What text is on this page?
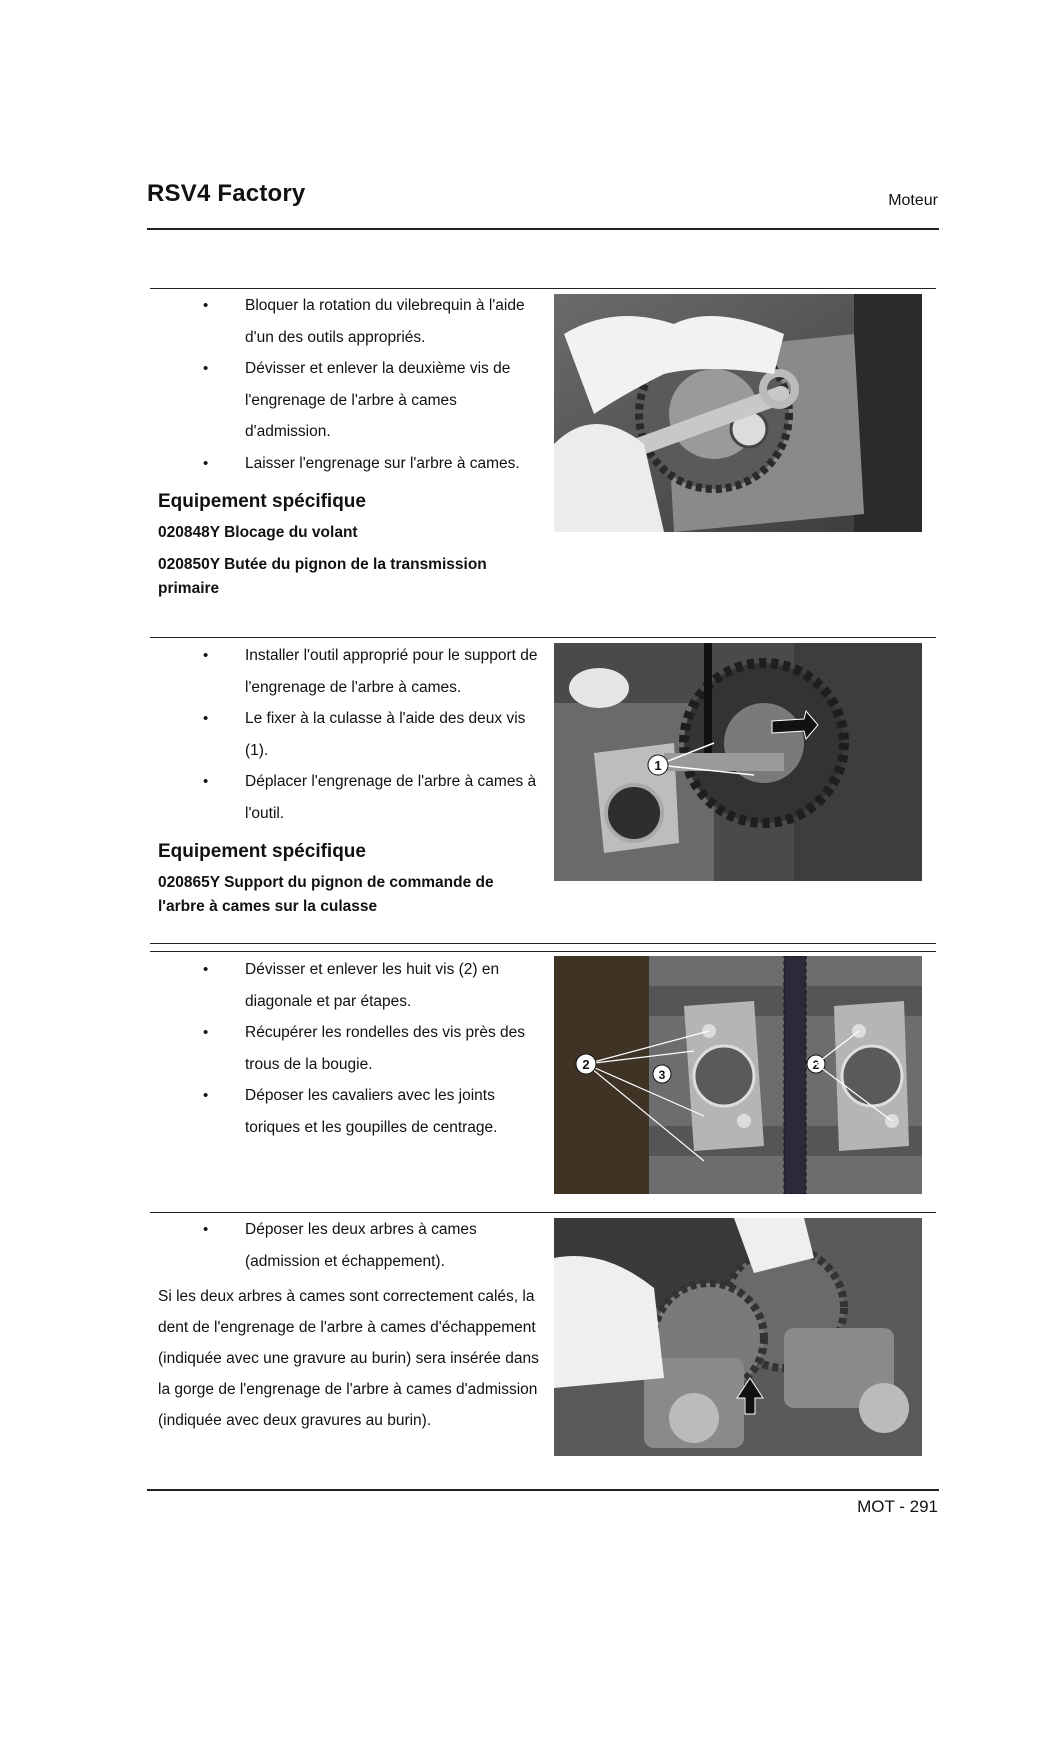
RSV4 Factory	Moteur
• Bloquer la rotation du vilebrequin à l'aide d'un des outils appropriés.
• Dévisser et enlever la deuxième vis de l'engrenage de l'arbre à cames d'admission.
• Laisser l'engrenage sur l'arbre à cames.
Equipement spécifique
020848Y Blocage du volant
020850Y Butée du pignon de la transmission primaire
• Installer l'outil approprié pour le support de l'engrenage de l'arbre à cames.
• Le fixer à la culasse à l'aide des deux vis (1).
• Déplacer l'engrenage de l'arbre à cames à l'outil.
Equipement spécifique
020865Y Support du pignon de commande de l'arbre à cames sur la culasse
1
• Dévisser et enlever les huit vis (2) en diagonale et par étapes.
• Récupérer les rondelles des vis près des trous de la bougie.
• Déposer les cavaliers avec les joints toriques et les goupilles de centrage.
2
3
2
• Déposer les deux arbres à cames (admission et échappement).
Si les deux arbres à cames sont correctement calés, la dent de l'engrenage de l'arbre à cames d'échappement (indiquée avec une gravure au burin) sera insérée dans la gorge de l'engrenage de l'arbre à cames d'admission (indiquée avec deux gravures au burin).
MOT - 291
